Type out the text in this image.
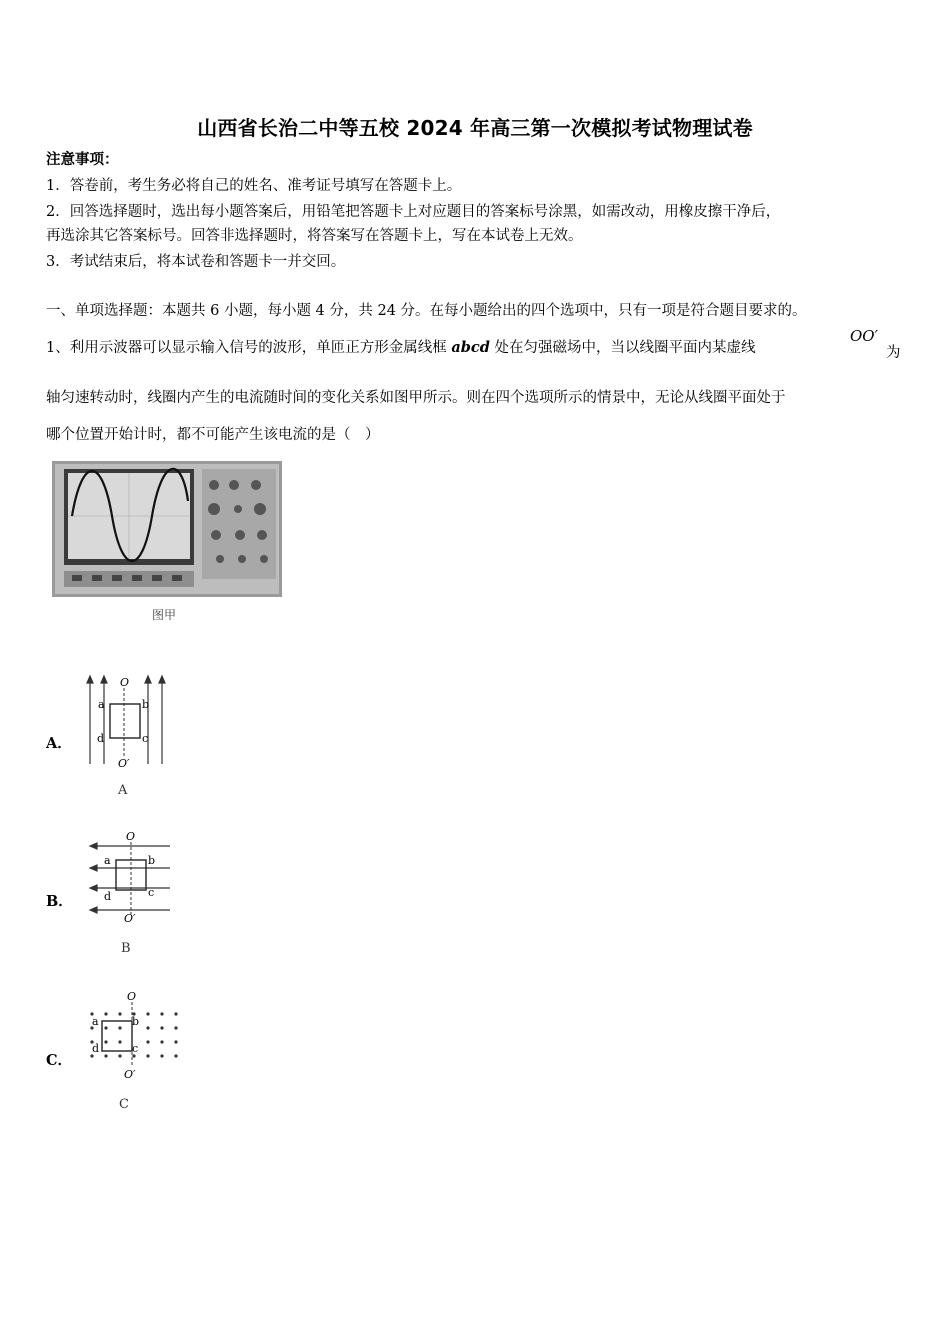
山西省长治二中等五校 2024 年高三第一次模拟考试物理试卷
注意事项：
1．答卷前，考生务必将自己的姓名、准考证号填写在答题卡上。
2．回答选择题时，选出每小题答案后，用铅笔把答题卡上对应题目的答案标号涂黑，如需改动，用橡皮擦干净后，
再选涂其它答案标号。回答非选择题时，将答案写在答题卡上，写在本试卷上无效。
3．考试结束后，将本试卷和答题卡一并交回。
一、单项选择题：本题共 6 小题，每小题 4 分，共 24 分。在每小题给出的四个选项中，只有一项是符合题目要求的。
1、利用示波器可以显示输入信号的波形，单匝正方形金属线框 abcd 处在匀强磁场中，当以线圈平面内某虚线
OO′
为
轴匀速转动时，线圈内产生的电流随时间的变化关系如图甲所示。则在四个选项所示的情景中，无论从线圈平面处于
哪个位置开始计时，都不可能产生该电流的是（　）
图甲
A．
O
O′
a	b
c
d
A
B．
O
O′
a	b
c
d
B
C．
O
O′
a	b
c
d
C
